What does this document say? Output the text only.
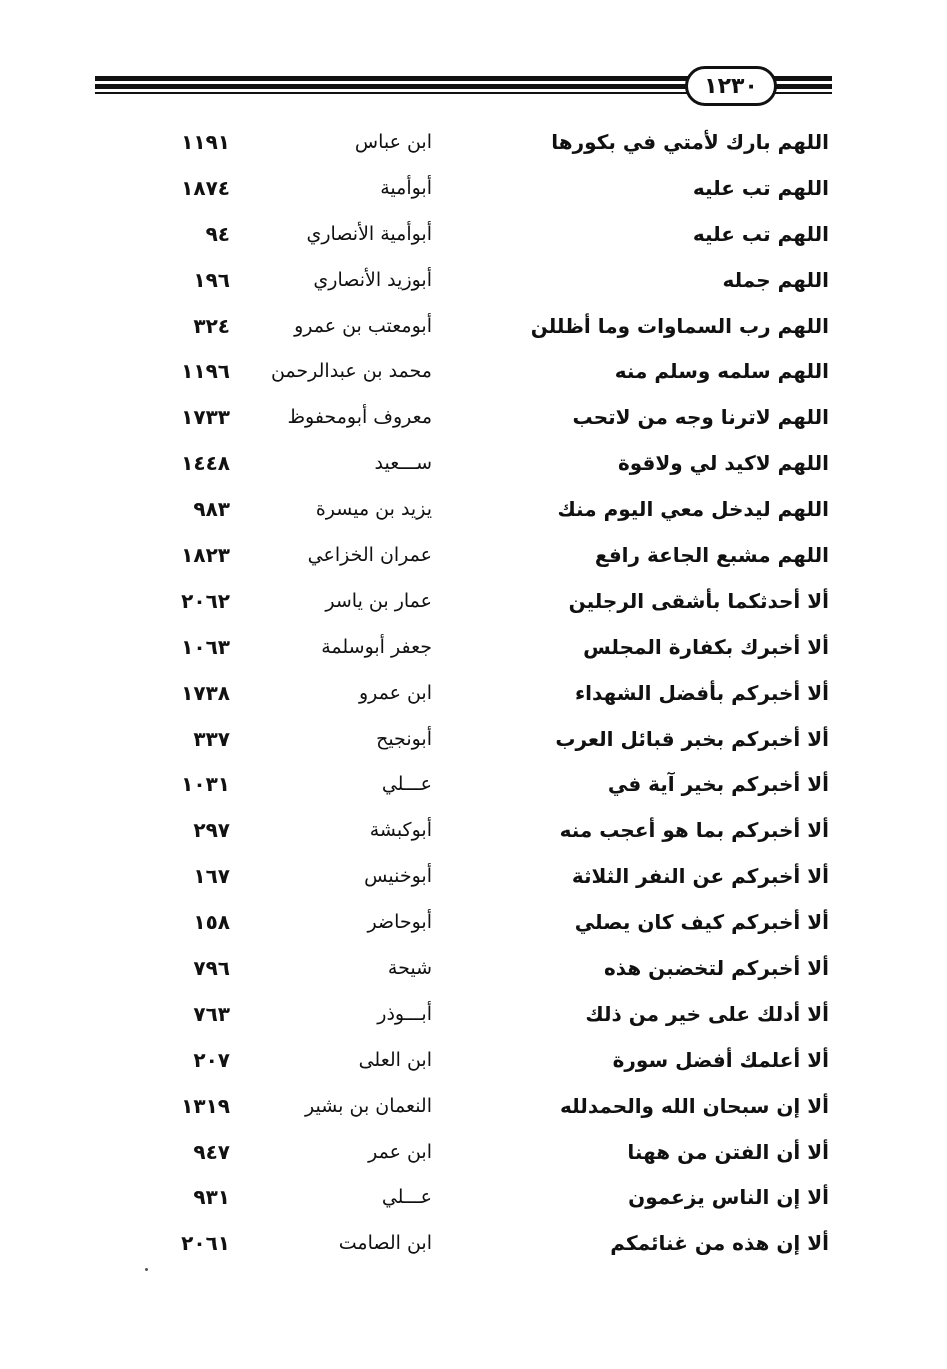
١٢٣٠
اللهم بارك لأمتي في بكورها
ابن عباس
١١٩١
اللهم تب عليه
أبوأمية
١٨٧٤
اللهم تب عليه
أبوأمية الأنصاري
٩٤
اللهم جمله
أبوزيد الأنصاري
١٩٦
اللهم رب السماوات وما أظللن
أبومعتب بن عمرو
٣٢٤
اللهم سلمه وسلم منه
محمد بن عبدالرحمن
١١٩٦
اللهم لاترنا وجه من لاتحب
معروف أبومحفوظ
١٧٣٣
اللهم لاكيد لي ولاقوة
ســـعيد
١٤٤٨
اللهم ليدخل معي اليوم منك
يزيد بن ميسرة
٩٨٣
اللهم مشبع الجاعة رافع
عمران الخزاعي
١٨٢٣
ألا أحدثكما بأشقى الرجلين
عمار بن ياسر
٢٠٦٢
ألا أخبرك بكفارة المجلس
جعفر أبوسلمة
١٠٦٣
ألا أخبركم بأفضل الشهداء
ابن عمرو
١٧٣٨
ألا أخبركم بخبر قبائل العرب
أبونجيح
٣٣٧
ألا أخبركم بخير آية في
عـــلي
١٠٣١
ألا أخبركم بما هو أعجب منه
أبوكبشة
٢٩٧
ألا أخبركم عن النفر الثلاثة
أبوخنيس
١٦٧
ألا أخبركم كيف كان يصلي
أبوحاضر
١٥٨
ألا أخبركم لتخضبن هذه
شيحة
٧٩٦
ألا أدلك على خير من ذلك
أبـــوذر
٧٦٣
ألا أعلمك أفضل سورة
ابن العلى
٢٠٧
ألا إن سبحان الله والحمدلله
النعمان بن بشير
١٣١٩
ألا أن الفتن من ههنا
ابن عمر
٩٤٧
ألا إن الناس يزعمون
عـــلي
٩٣١
ألا إن هذه من غنائمكم
ابن الصامت
٢٠٦١
